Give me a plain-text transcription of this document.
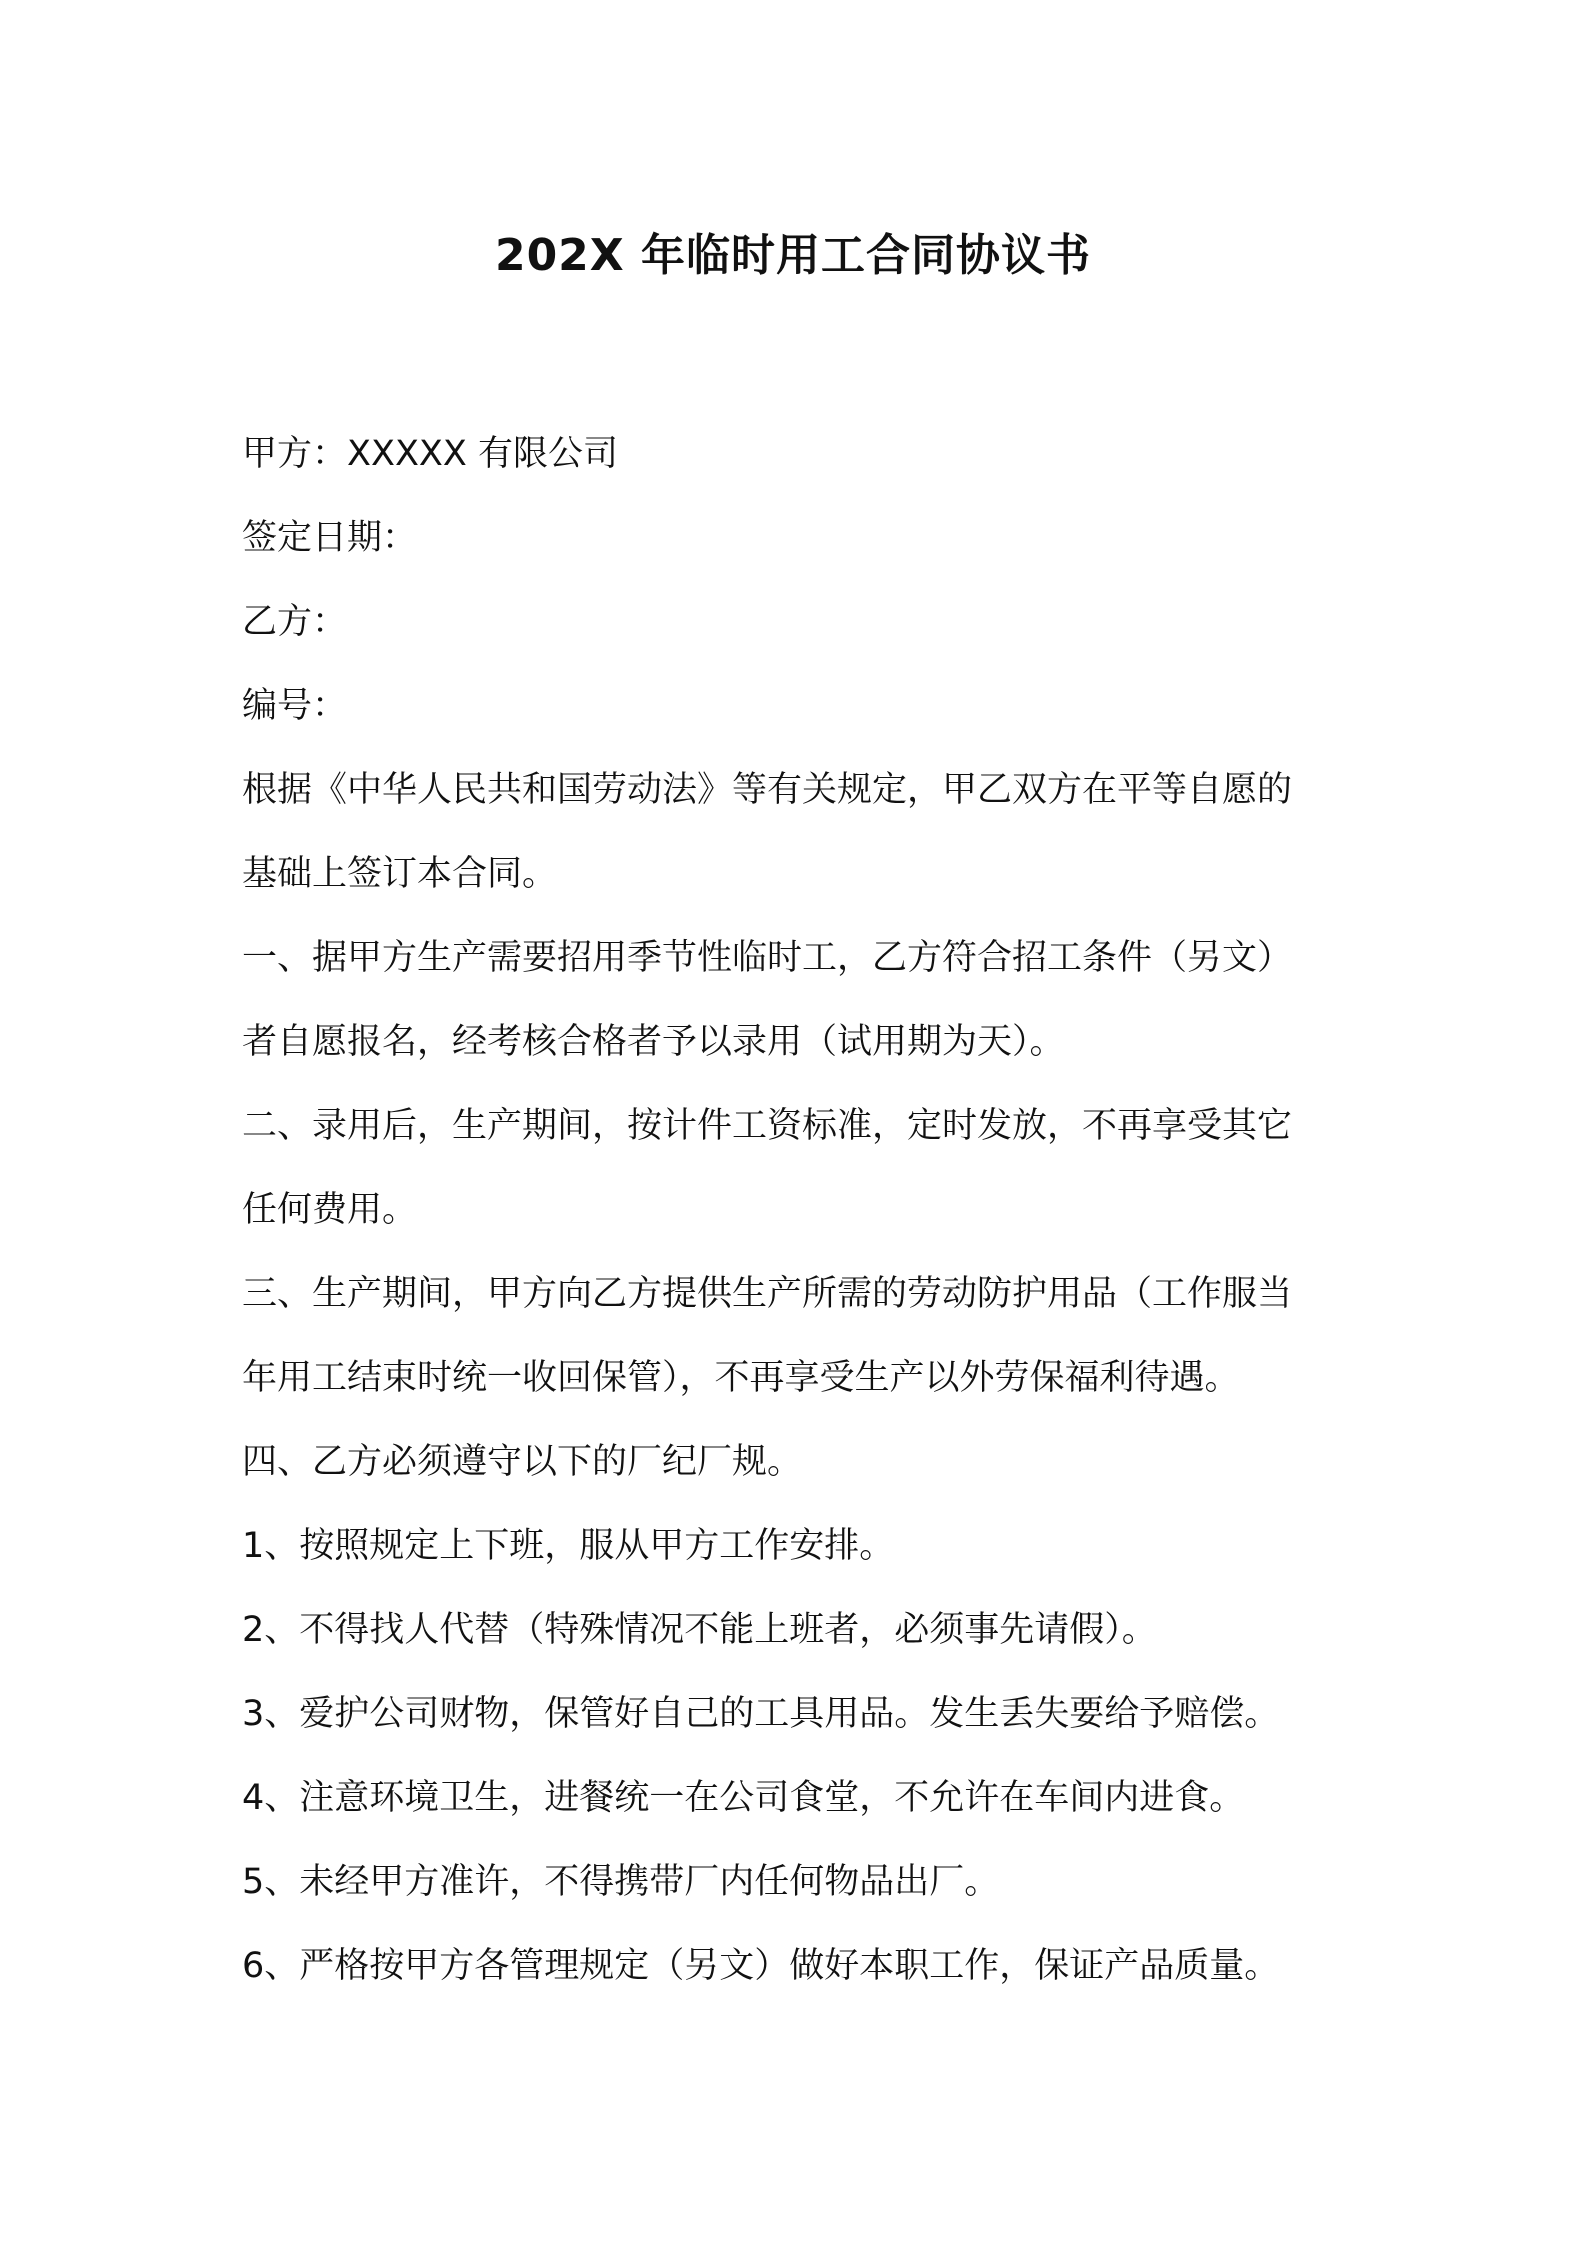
202X 年临时用工合同协议书
甲方：XXXXX 有限公司
签定日期：
乙方：
编号：
根据《中华人民共和国劳动法》等有关规定，甲乙双方在平等自愿的
基础上签订本合同。
一、据甲方生产需要招用季节性临时工，乙方符合招工条件（另文）
者自愿报名，经考核合格者予以录用（试用期为天）。
二、录用后，生产期间，按计件工资标准，定时发放，不再享受其它
任何费用。
三、生产期间，甲方向乙方提供生产所需的劳动防护用品（工作服当
年用工结束时统一收回保管），不再享受生产以外劳保福利待遇。
四、乙方必须遵守以下的厂纪厂规。
1、按照规定上下班，服从甲方工作安排。
2、不得找人代替（特殊情况不能上班者，必须事先请假）。
3、爱护公司财物，保管好自己的工具用品。发生丢失要给予赔偿。
4、注意环境卫生，进餐统一在公司食堂，不允许在车间内进食。
5、未经甲方准许，不得携带厂内任何物品出厂。
6、严格按甲方各管理规定（另文）做好本职工作，保证产品质量。
